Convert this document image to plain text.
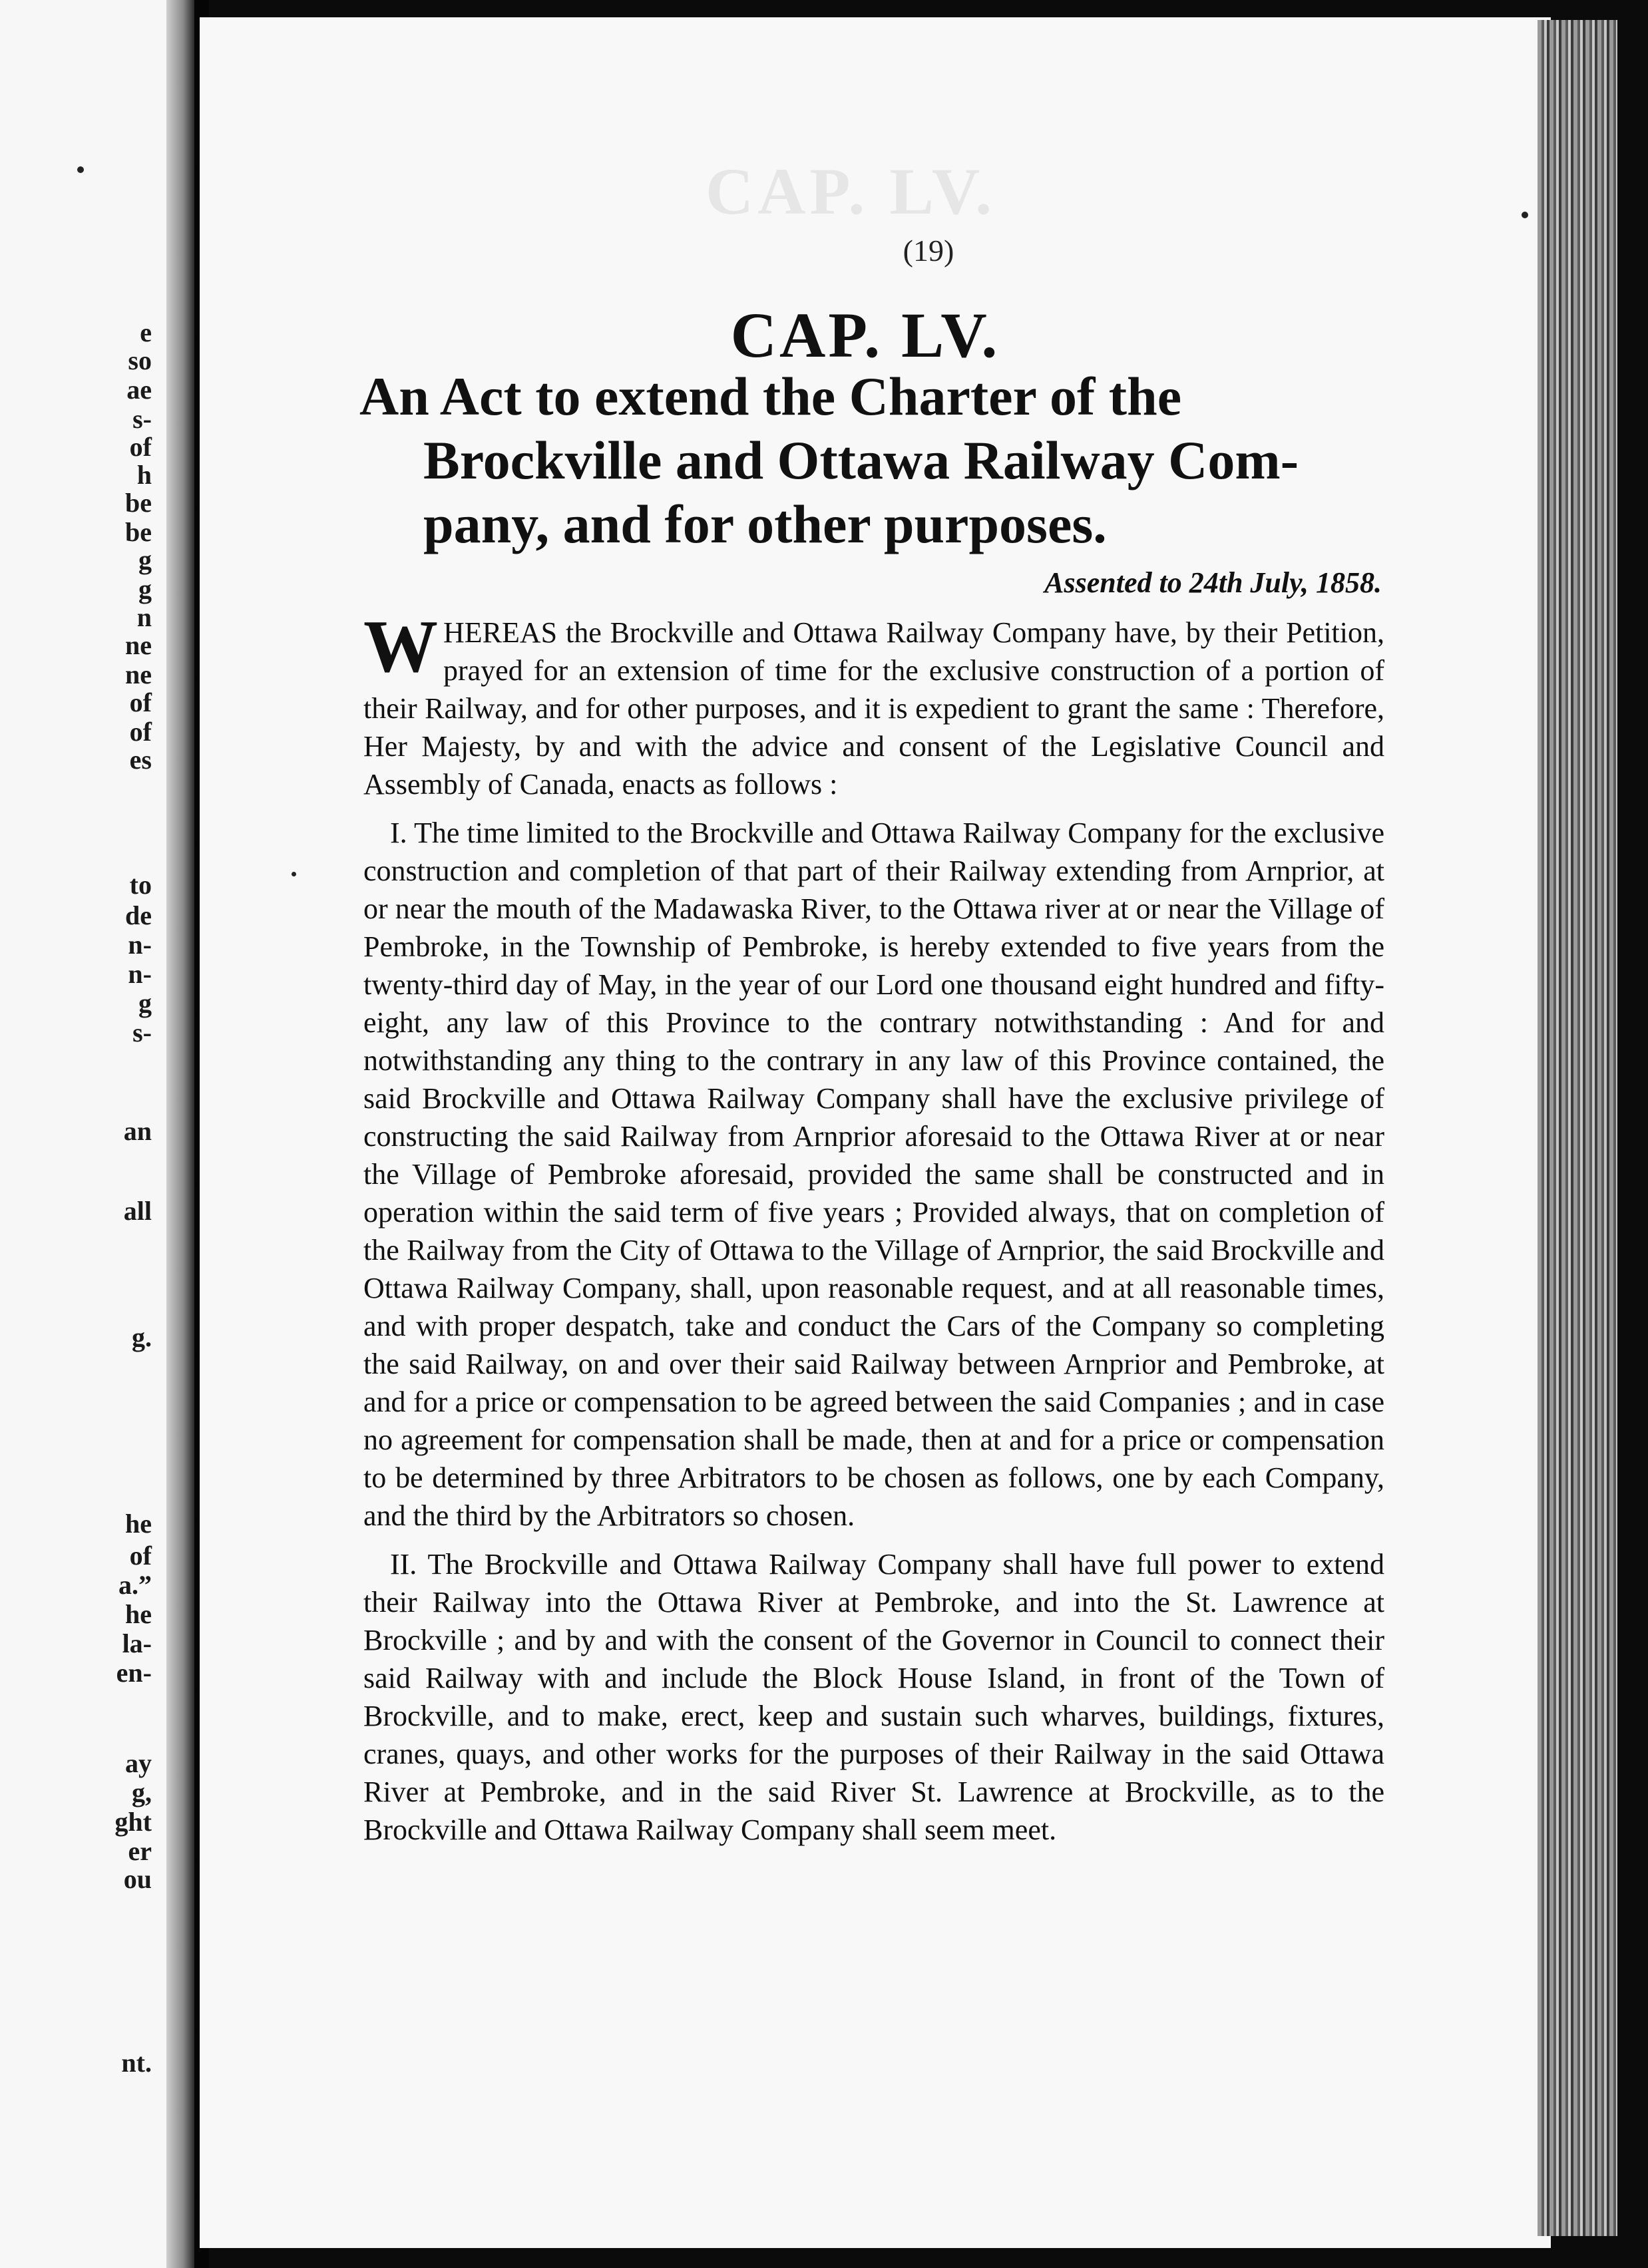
e
so
ae
s-
of
h
be
be
g
g
n
ne
ne
of
of
es
to
de
n-
n-
g
s-
an
all
g.
he
of
a.”
he
la-
en-
ay
g,
ght
er
ou
nt.
CAP. LV.
(19)
CAP. LV.
An Act to extend the Charter of the
Brockville and Ottawa Railway Com-
pany, and for other purposes.
Assented to 24th July, 1858.

WHEREAS the Brockville and Ottawa Railway Company have, by their Petition, prayed for an extension of time for the exclusive construction of a portion of their Railway, and for other purposes, and it is expedient to grant the same : Therefore, Her Majesty, by and with the advice and consent of the Legislative Council and Assembly of Canada, enacts as follows :

I. The time limited to the Brockville and Ottawa Railway Company for the exclusive construction and completion of that part of their Railway extending from Arnprior, at or near the mouth of the Madawaska River, to the Ottawa river at or near the Village of Pembroke, in the Township of Pembroke, is hereby extended to five years from the twenty-third day of May, in the year of our Lord one thousand eight hundred and fifty-eight, any law of this Province to the contrary notwithstanding : And for and notwithstanding any thing to the contrary in any law of this Province contained, the said Brockville and Ottawa Railway Company shall have the exclusive privilege of constructing the said Railway from Arnprior aforesaid to the Ottawa River at or near the Village of Pembroke aforesaid, provided the same shall be constructed and in operation within the said term of five years ; Provided always, that on completion of the Railway from the City of Ottawa to the Village of Arnprior, the said Brockville and Ottawa Railway Company, shall, upon reasonable request, and at all reasonable times, and with proper despatch, take and conduct the Cars of the Company so completing the said Railway, on and over their said Railway between Arnprior and Pembroke, at and for a price or compensation to be agreed between the said Companies ; and in case no agreement for compensation shall be made, then at and for a price or compensation to be determined by three Arbitrators to be chosen as follows, one by each Company, and the third by the Arbitrators so chosen.

II. The Brockville and Ottawa Railway Company shall have full power to extend their Railway into the Ottawa River at Pembroke, and into the St. Lawrence at Brockville ; and by and with the consent of the Governor in Council to connect their said Railway with and include the Block House Island, in front of the Town of Brockville, and to make, erect, keep and sustain such wharves, buildings, fixtures, cranes, quays, and other works for the purposes of their Railway in the said Ottawa River at Pembroke, and in the said River St. Lawrence at Brockville, as to the Brockville and Ottawa Railway Company shall seem meet.
